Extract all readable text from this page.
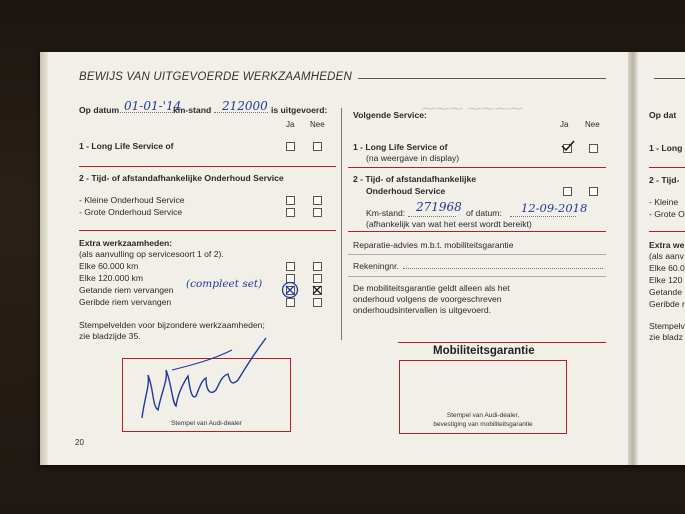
BEWIJS VAN UITGEVOERDE WERKZAAMHEDEN
Op datum 01-01-'14
km-stand 212000 is uitgevoerd:
Ja Nee
1 - Long Life Service of
2 - Tijd- of afstandafhankelijke Onderhoud Service
- Kleine Onderhoud Service
- Grote Onderhoud Service
Extra werkzaamheden:
(als aanvulling op servicesoort 1 of 2).
Elke 60.000 km
Elke 120.000 km
Getande riem vervangen (compleet set)
Geribde riem vervangen
Stempelvelden voor bijzondere werkzaamheden;
zie bladzijde 35.
Stempel van Audi-dealer
20
Volgende Service:
⁓⁓⁓ ⁓⁓⁓⁓
Ja Nee
1 - Long Life Service of
(na weergave in display)
2 - Tijd- of afstandafhankelijke
Onderhoud Service
Km-stand: 271968 of datum: 12-09-2018
(afhankelijk van wat het eerst wordt bereikt)
Reparatie-advies m.b.t. mobiliteitsgarantie
Rekeningnr.
De mobiliteitsgarantie geldt alleen als het
onderhoud volgens de voorgeschreven
onderhoudsintervallen is uitgevoerd.
Mobiliteitsgarantie
Stempel van Audi-dealer,
bevestiging van mobiliteitsgarantie
Op dat
1 - Long
2 - Tijd-
- Kleine
- Grote O
Extra we
(als aanv
Elke 60.0
Elke 120
Getande
Geribde r
Stempelv
zie bladz
